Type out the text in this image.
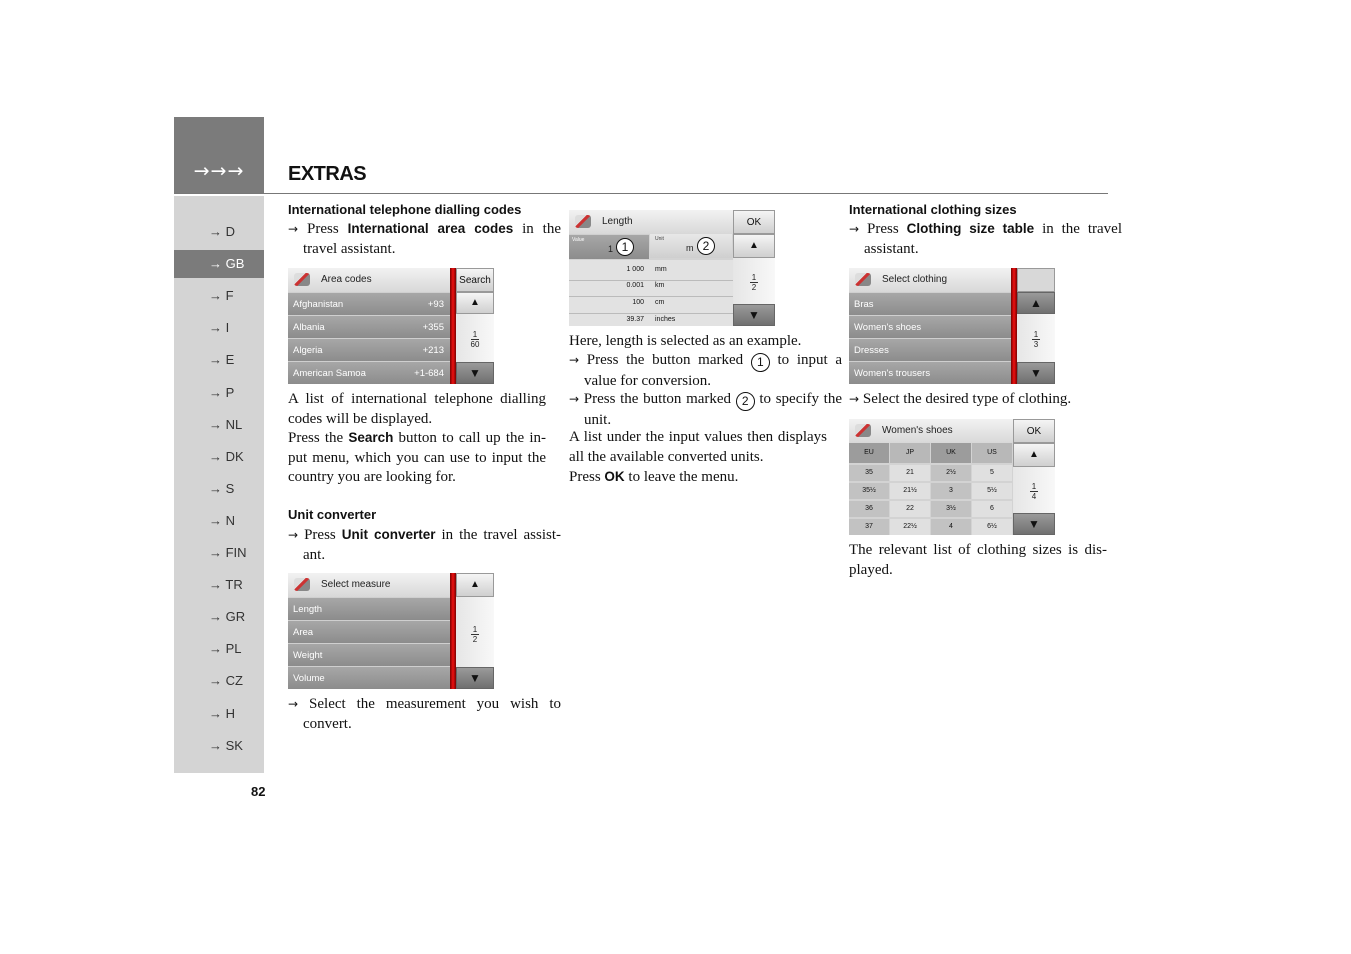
→→→	EXTRAS
82
International telephone dialling codes
→ Press International area codes in the travel assistant.
Area codes
Afghanistan	+93
Albania	+355
Algeria	+213
American Samoa	+1-684
Search
▲
$\frac{1}{60}$
▼
A list of international telephone dialling codes will be displayed.
Press the Search button to call up the input menu, which you can use to input the country you are looking for.
Unit converter
→ Press Unit converter in the travel assistant.
Select measure
Length
Area
Weight
Volume
▲
$\frac{1}{2}$
▼
→ Select the measurement you wish to convert.
Length	OK
Value
1 1
Unit
m 2
▲
1 000 mm
0.001 km
100 cm
39.37 inches
$\frac{1}{2}$
▼
Here, length is selected as an example.
→ Press the button marked 1 to input a value for conversion.
→ Press the button marked 2 to specify the unit.
A list under the input values then displays all the available converted units.
Press OK to leave the menu.
International clothing sizes
→ Press Clothing size table in the travel assistant.
Select clothing
Bras
Women's shoes
Dresses
Women's trousers
▲
$\frac{1}{3}$
▼
→ Select the desired type of clothing.
Women's shoes	OK
EU	JP	UK	US
35	21	2½	5
35½	21½	3	5½
36	22	3½	6
37	22½	4	6½
▲
$\frac{1}{4}$
▼
The relevant list of clothing sizes is displayed.
→ D
→ GB
→ F
→ I
→ E
→ P
→ NL
→ DK
→ S
→ N
→ FIN
→ TR
→ GR
→ PL
→ CZ
→ H
→ SK
